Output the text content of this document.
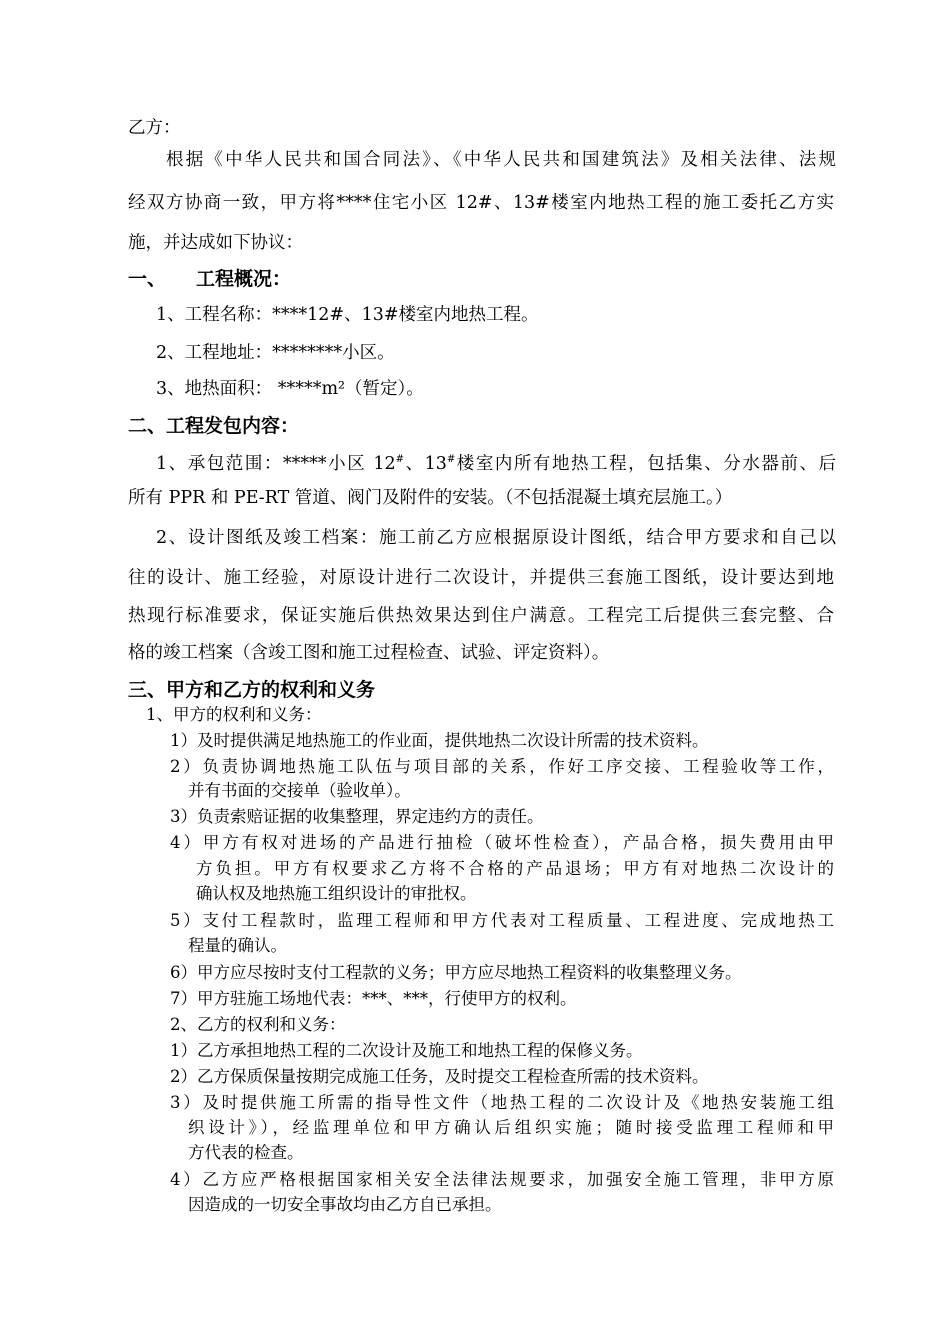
乙方：
根据《中华人民共和国合同法》、《中华人民共和国建筑法》及相关法律、法规
经双方协商一致，甲方将****住宅小区 12#、13#楼室内地热工程的施工委托乙方实
施，并达成如下协议：
一、 工程概况：
1、工程名称：****12#、13#楼室内地热工程。
2、工程地址：********小区。
3、地热面积： *****m²（暂定）。
二、工程发包内容：
1、承包范围：*****小区 12#、13#楼室内所有地热工程，包括集、分水器前、后
所有 PPR 和 PE-RT 管道、阀门及附件的安装。（不包括混凝土填充层施工。）
2、设计图纸及竣工档案：施工前乙方应根据原设计图纸，结合甲方要求和自己以
往的设计、施工经验，对原设计进行二次设计，并提供三套施工图纸，设计要达到地
热现行标准要求，保证实施后供热效果达到住户满意。工程完工后提供三套完整、合
格的竣工档案（含竣工图和施工过程检查、试验、评定资料）。
三、甲方和乙方的权利和义务
1、甲方的权利和义务：
1）及时提供满足地热施工的作业面，提供地热二次设计所需的技术资料。
2）负责协调地热施工队伍与项目部的关系，作好工序交接、工程验收等工作，
并有书面的交接单（验收单）。
3）负责索赔证据的收集整理，界定违约方的责任。
4）甲方有权对进场的产品进行抽检（破坏性检查），产品合格，损失费用由甲
方负担。甲方有权要求乙方将不合格的产品退场；甲方有对地热二次设计的
确认权及地热施工组织设计的审批权。
5）支付工程款时，监理工程师和甲方代表对工程质量、工程进度、完成地热工
程量的确认。
6）甲方应尽按时支付工程款的义务；甲方应尽地热工程资料的收集整理义务。
7）甲方驻施工场地代表：***、***，行使甲方的权利。
2、乙方的权利和义务：
1）乙方承担地热工程的二次设计及施工和地热工程的保修义务。
2）乙方保质保量按期完成施工任务，及时提交工程检查所需的技术资料。
3）及时提供施工所需的指导性文件（地热工程的二次设计及《地热安装施工组
织设计》），经监理单位和甲方确认后组织实施；随时接受监理工程师和甲
方代表的检查。
4）乙方应严格根据国家相关安全法律法规要求，加强安全施工管理，非甲方原
因造成的一切安全事故均由乙方自已承担。
